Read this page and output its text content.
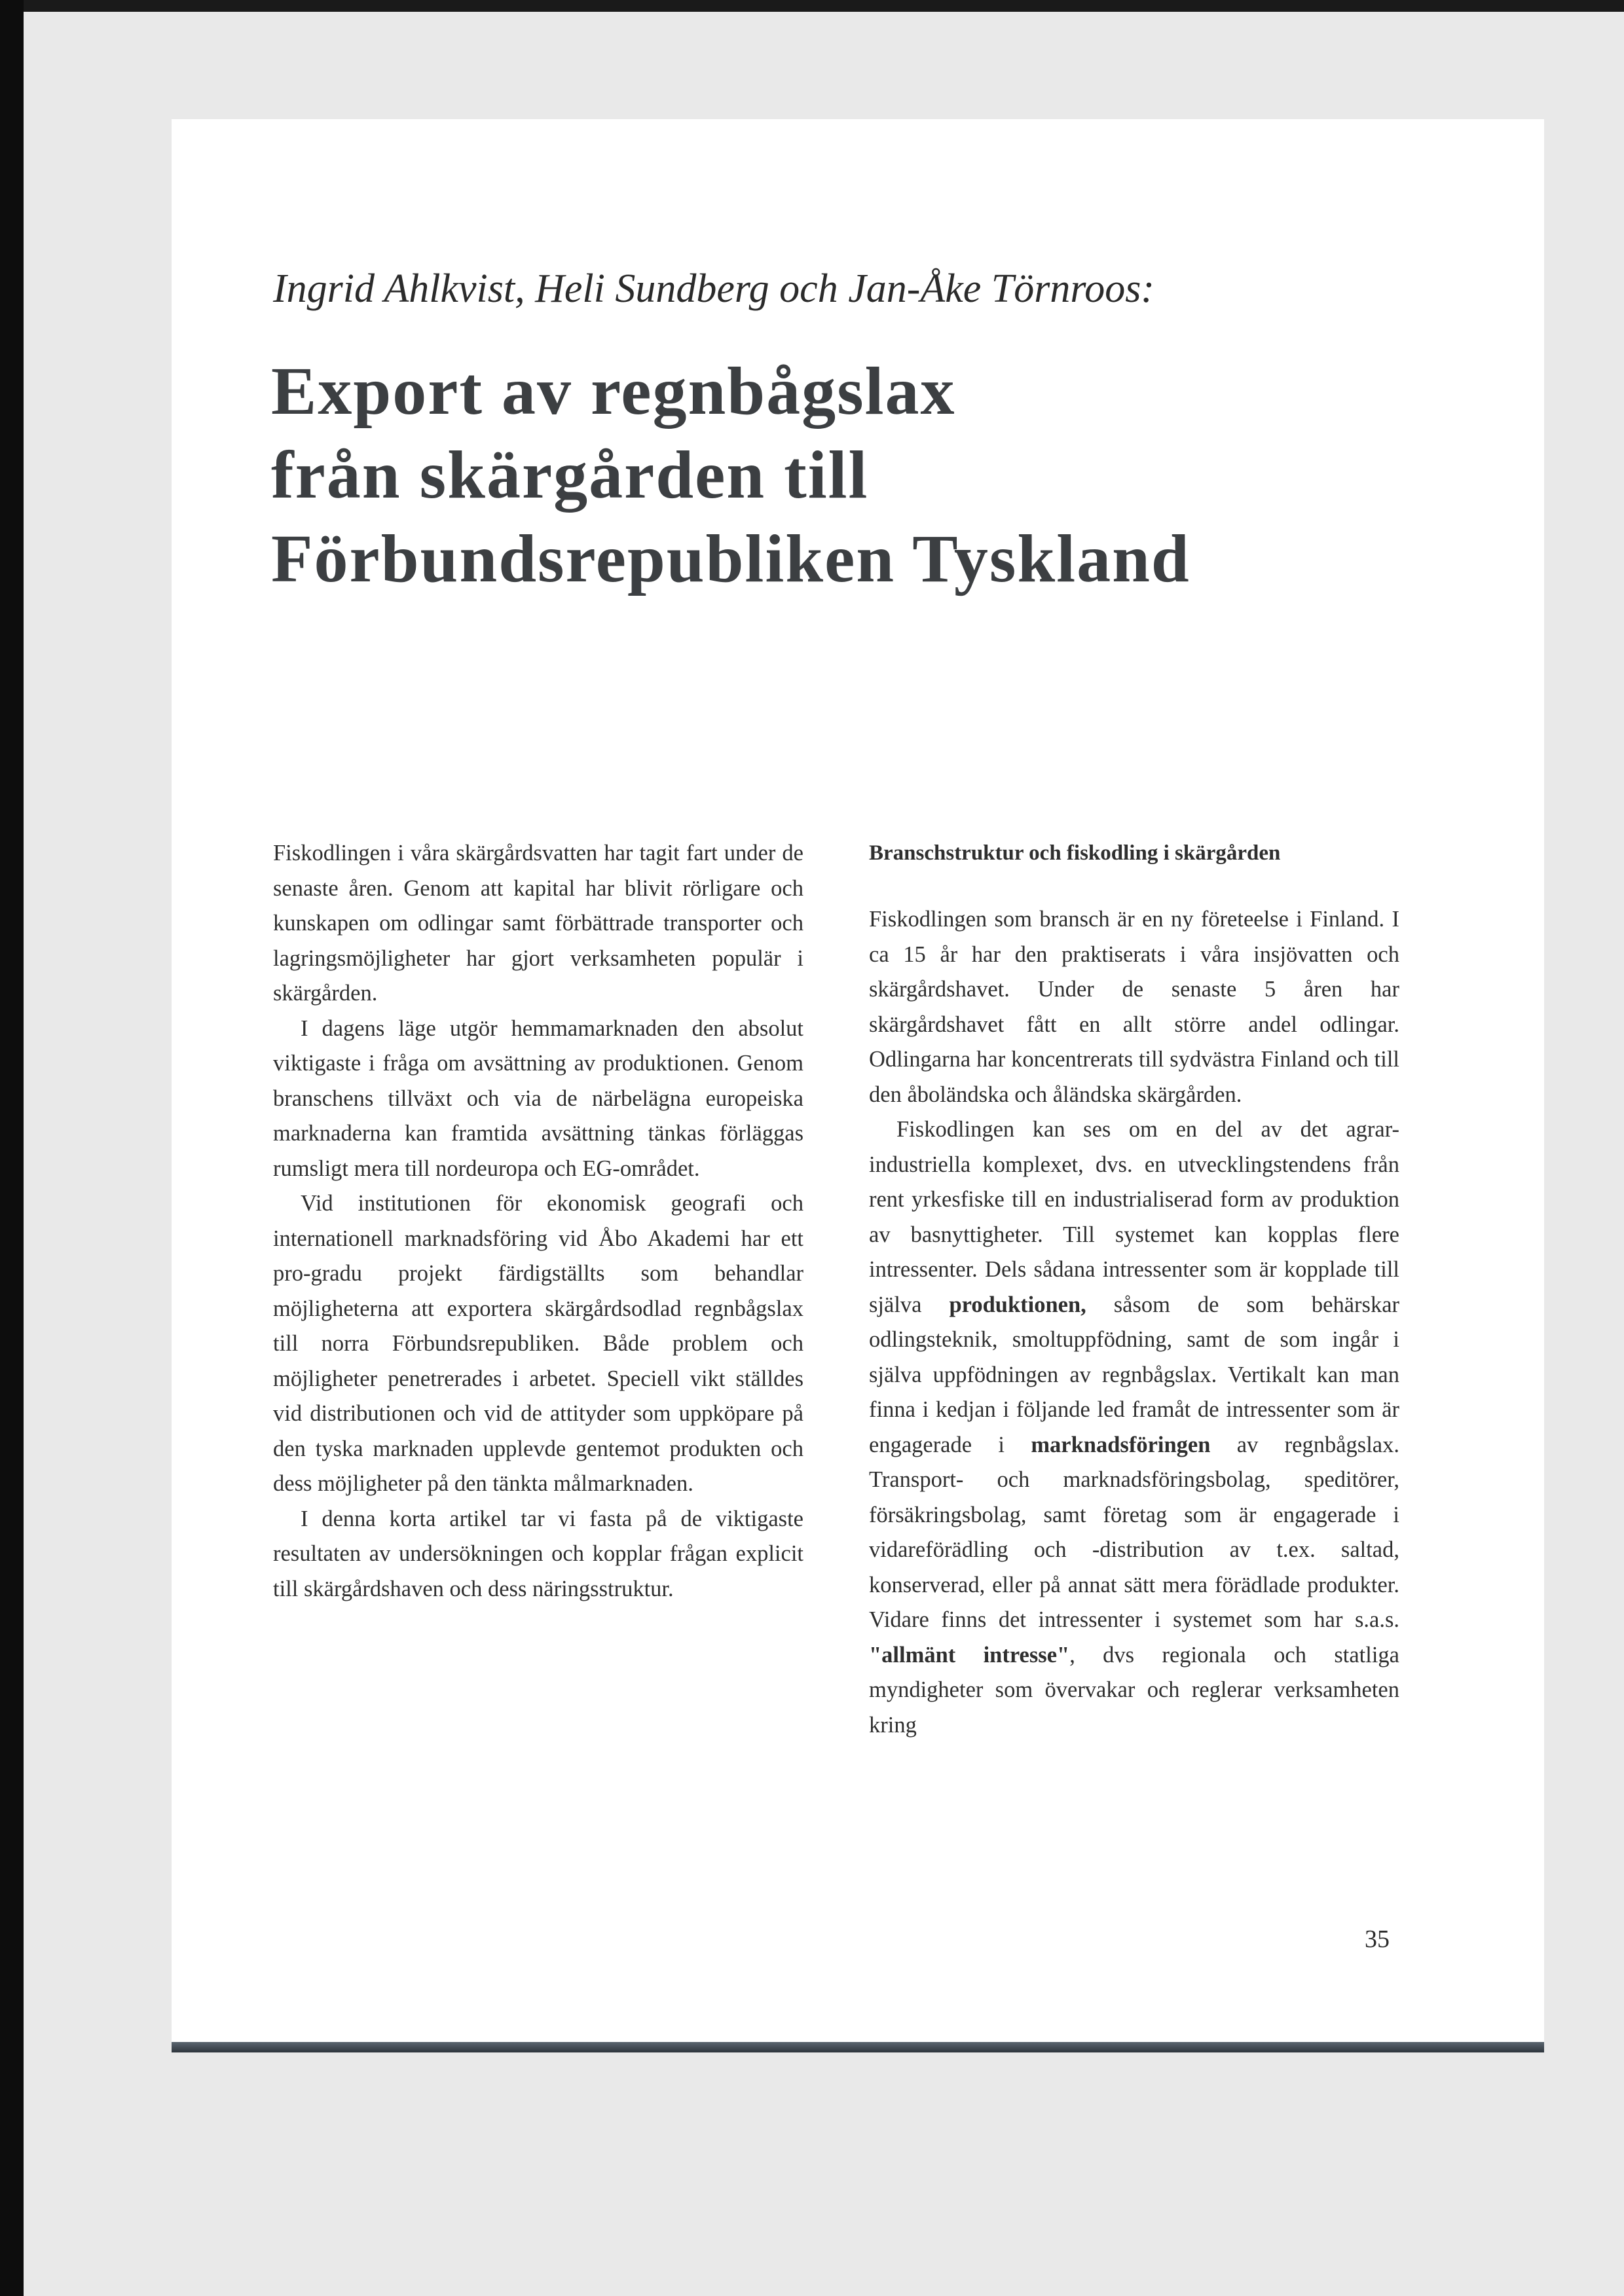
Ingrid Ahlkvist, Heli Sundberg och Jan-Åke Törnroos:
Export av regnbågslax
från skärgården till
Förbundsrepubliken Tyskland

Fiskodlingen i våra skärgårdsvatten har tagit fart under de senaste åren. Genom att kapital har blivit rörligare och kunskapen om odlingar samt förbättrade transporter och lagringsmöjligheter har gjort verksamheten populär i skärgården.

I dagens läge utgör hemmamarknaden den absolut viktigaste i fråga om avsättning av produktionen. Genom branschens tillväxt och via de närbelägna europeiska marknaderna kan framtida avsättning tänkas förläggas rumsligt mera till nordeuropa och EG-området.

Vid institutionen för ekonomisk geografi och internationell marknadsföring vid Åbo Akademi har ett pro-gradu projekt färdigställts som behandlar möjligheterna att exportera skärgårdsodlad regnbågslax till norra Förbundsrepubliken. Både problem och möjligheter penetrerades i arbetet. Speciell vikt ställdes vid distributionen och vid de attityder som uppköpare på den tyska marknaden upplevde gentemot produkten och dess möjligheter på den tänkta målmarknaden.

I denna korta artikel tar vi fasta på de viktigaste resultaten av undersökningen och kopplar frågan explicit till skärgårdshaven och dess näringsstruktur.

Branschstruktur och fiskodling i skärgården

Fiskodlingen som bransch är en ny företeelse i Finland. I ca 15 år har den praktiserats i våra insjövatten och skärgårdshavet. Under de senaste 5 åren har skärgårdshavet fått en allt större andel odlingar. Odlingarna har koncentrerats till sydvästra Finland och till den åboländska och åländska skärgården.

Fiskodlingen kan ses om en del av det agrar-industriella komplexet, dvs. en utvecklingstendens från rent yrkesfiske till en industrialiserad form av produktion av basnyttigheter. Till systemet kan kopplas flere intressenter. Dels sådana intressenter som är kopplade till själva produktionen, såsom de som behärskar odlingsteknik, smoltuppfödning, samt de som ingår i själva uppfödningen av regnbågslax. Vertikalt kan man finna i kedjan i följande led framåt de intressenter som är engagerade i marknadsföringen av regnbågslax. Transport- och marknadsföringsbolag, speditörer, försäkringsbolag, samt företag som är engagerade i vidareförädling och -distribution av t.ex. saltad, konserverad, eller på annat sätt mera förädlade produkter. Vidare finns det intressenter i systemet som har s.a.s. "allmänt intresse", dvs regionala och statliga myndigheter som övervakar och reglerar verksamheten kring

35
